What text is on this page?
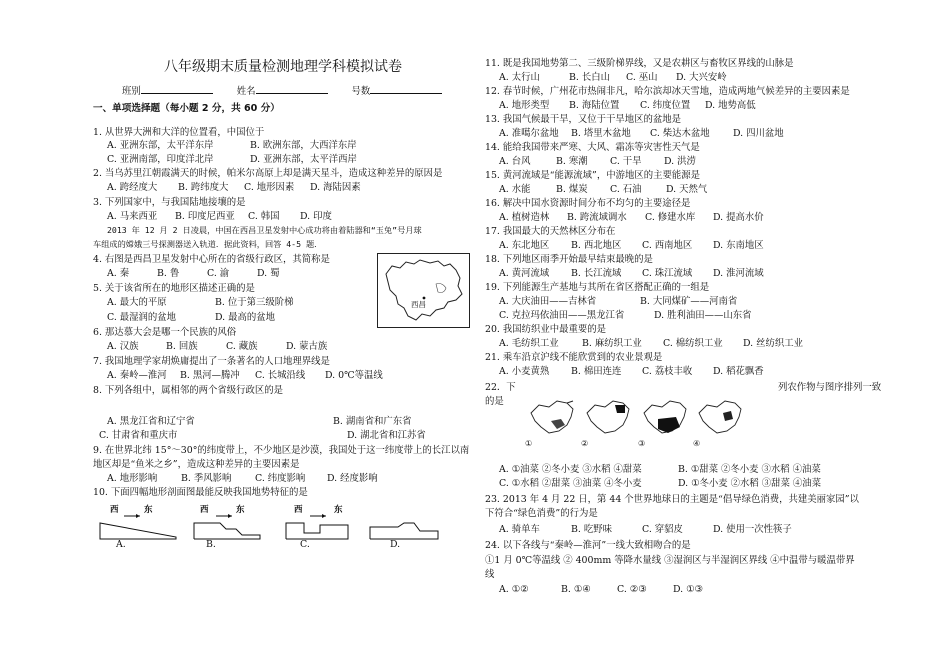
八年级期末质量检测地理学科模拟试卷
班别	姓名	号数
一、单项选择题（每小题 2 分，共 60 分）
1. 从世界大洲和大洋的位置看，中国位于
A. 亚洲东部，太平洋东岸	B. 欧洲东部，大西洋东岸
C. 亚洲南部，印度洋北岸	D. 亚洲东部，太平洋西岸
2. 当乌苏里江朝霞满天的时候，帕米尔高原上却是满天星斗，造成这种差异的原因是
A. 跨经度大 B. 跨纬度大 C. 地形因素 D. 海陆因素
3. 下列国家中，与我国陆地接壤的是
A. 马来西亚 B. 印度尼西亚 C. 韩国 D. 印度
2013 年 12 月 2 日凌晨，中国在西昌卫星发射中心成功将由着陆器和“玉兔”号月球
车组成的嫦娥三号探测器送入轨道．据此资料，回答 4-5 题．
4. 右图是西昌卫星发射中心所在的省级行政区，其简称是
A. 秦	B. 鲁	C. 渝	D. 蜀
西昌
5. 关于该省所在的地形区描述正确的是
A. 最大的平原	B. 位于第三级阶梯
C. 最湿润的盆地	D. 最高的盆地
6. 那达慕大会是哪一个民族的风俗
A. 汉族	B. 回族	C. 藏族	D. 蒙古族
7. 我国地理学家胡焕庸提出了一条著名的人口地理界线是
A. 秦岭—淮河 B. 黑河—腾冲 C. 长城沿线 D. 0℃等温线
8. 下列各组中，属相邻的两个省级行政区的是
A. 黑龙江省和辽宁省	B. 湖南省和广东省
C. 甘肃省和重庆市	D. 湖北省和江苏省
9. 在世界北纬 15°～30°的纬度带上，不少地区是沙漠，我国处于这一纬度带上的长江以南
地区却是“鱼米之乡”，造成这种差异的主要因素是
A. 地形影响	B. 季风影响	C. 纬度影响 D. 经度影响
10. 下面四幅地形剖面图最能反映我国地势特征的是
西	东
A.
西	东
B.
西	东
C.	D.
11. 既是我国地势第二、三级阶梯界线，又是农耕区与畜牧区界线的山脉是
A. 太行山	B. 长白山 C. 巫山 D. 大兴安岭
12. 春节时候，广州花市热闹非凡，哈尔滨却冰天雪地，造成两地气候差异的主要因素是
A. 地形类型 B. 海陆位置 C. 纬度位置 D. 地势高低
13. 我国气候最干旱，又位于干旱地区的盆地是
A. 准噶尔盆地 B. 塔里木盆地 C. 柴达木盆地 D. 四川盆地
14. 能给我国带来严寒、大风、霜冻等灾害性天气是
A. 台风	B. 寒潮 C. 干旱 D. 洪涝
15. 黄河流域是“能源流域”，中游地区的主要能源是
A. 水能	B. 煤炭 C. 石油	D. 天然气
16. 解决中国水资源时间分布不均匀的主要途径是
A. 植树造林 B. 跨流域调水 C. 修建水库 D. 提高水价
17. 我国最大的天然林区分布在
A. 东北地区 B. 西北地区 C. 西南地区 D. 东南地区
18. 下列地区雨季开始最早结束最晚的是
A. 黄河流域 B. 长江流域 C. 珠江流域 D. 淮河流域
19. 下列能源生产基地与其所在省区搭配正确的一组是
A. 大庆油田——吉林省	B. 大同煤矿——河南省
C. 克拉玛依油田——黑龙江省	D. 胜利油田——山东省
20. 我国纺织业中最重要的是
A. 毛纺织工业 B. 麻纺织工业 C. 棉纺织工业 D. 丝纺织工业
21. 乘车沿京沪线不能欣赏到的农业景观是
A. 小麦黄熟 B. 棉田连连 C. 荔枝丰收 D. 稻花飘香
22．下	列农作物与图序排列一致
的是
①	②	③	④
A. ①油菜 ②冬小麦 ③水稻 ④甜菜	B. ①甜菜 ②冬小麦 ③水稻 ④油菜
C. ①水稻 ②甜菜 ③油菜 ④冬小麦	D. ①冬小麦 ②水稻 ③甜菜 ④油菜
23. 2013 年 4 月 22 日，第 44 个世界地球日的主题是“倡导绿色消费，共建美丽家园”以
下符合“绿色消费”的行为是
A. 骑单车	B. 吃野味	C. 穿貂皮	D. 使用一次性筷子
24. 以下各线与“秦岭—淮河”一线大致相吻合的是
①1 月 0℃等温线 ② 400mm 等降水量线 ③湿润区与半湿润区界线 ④中温带与暖温带界
线
A. ①②	B. ①④	C. ②③	D. ①③
